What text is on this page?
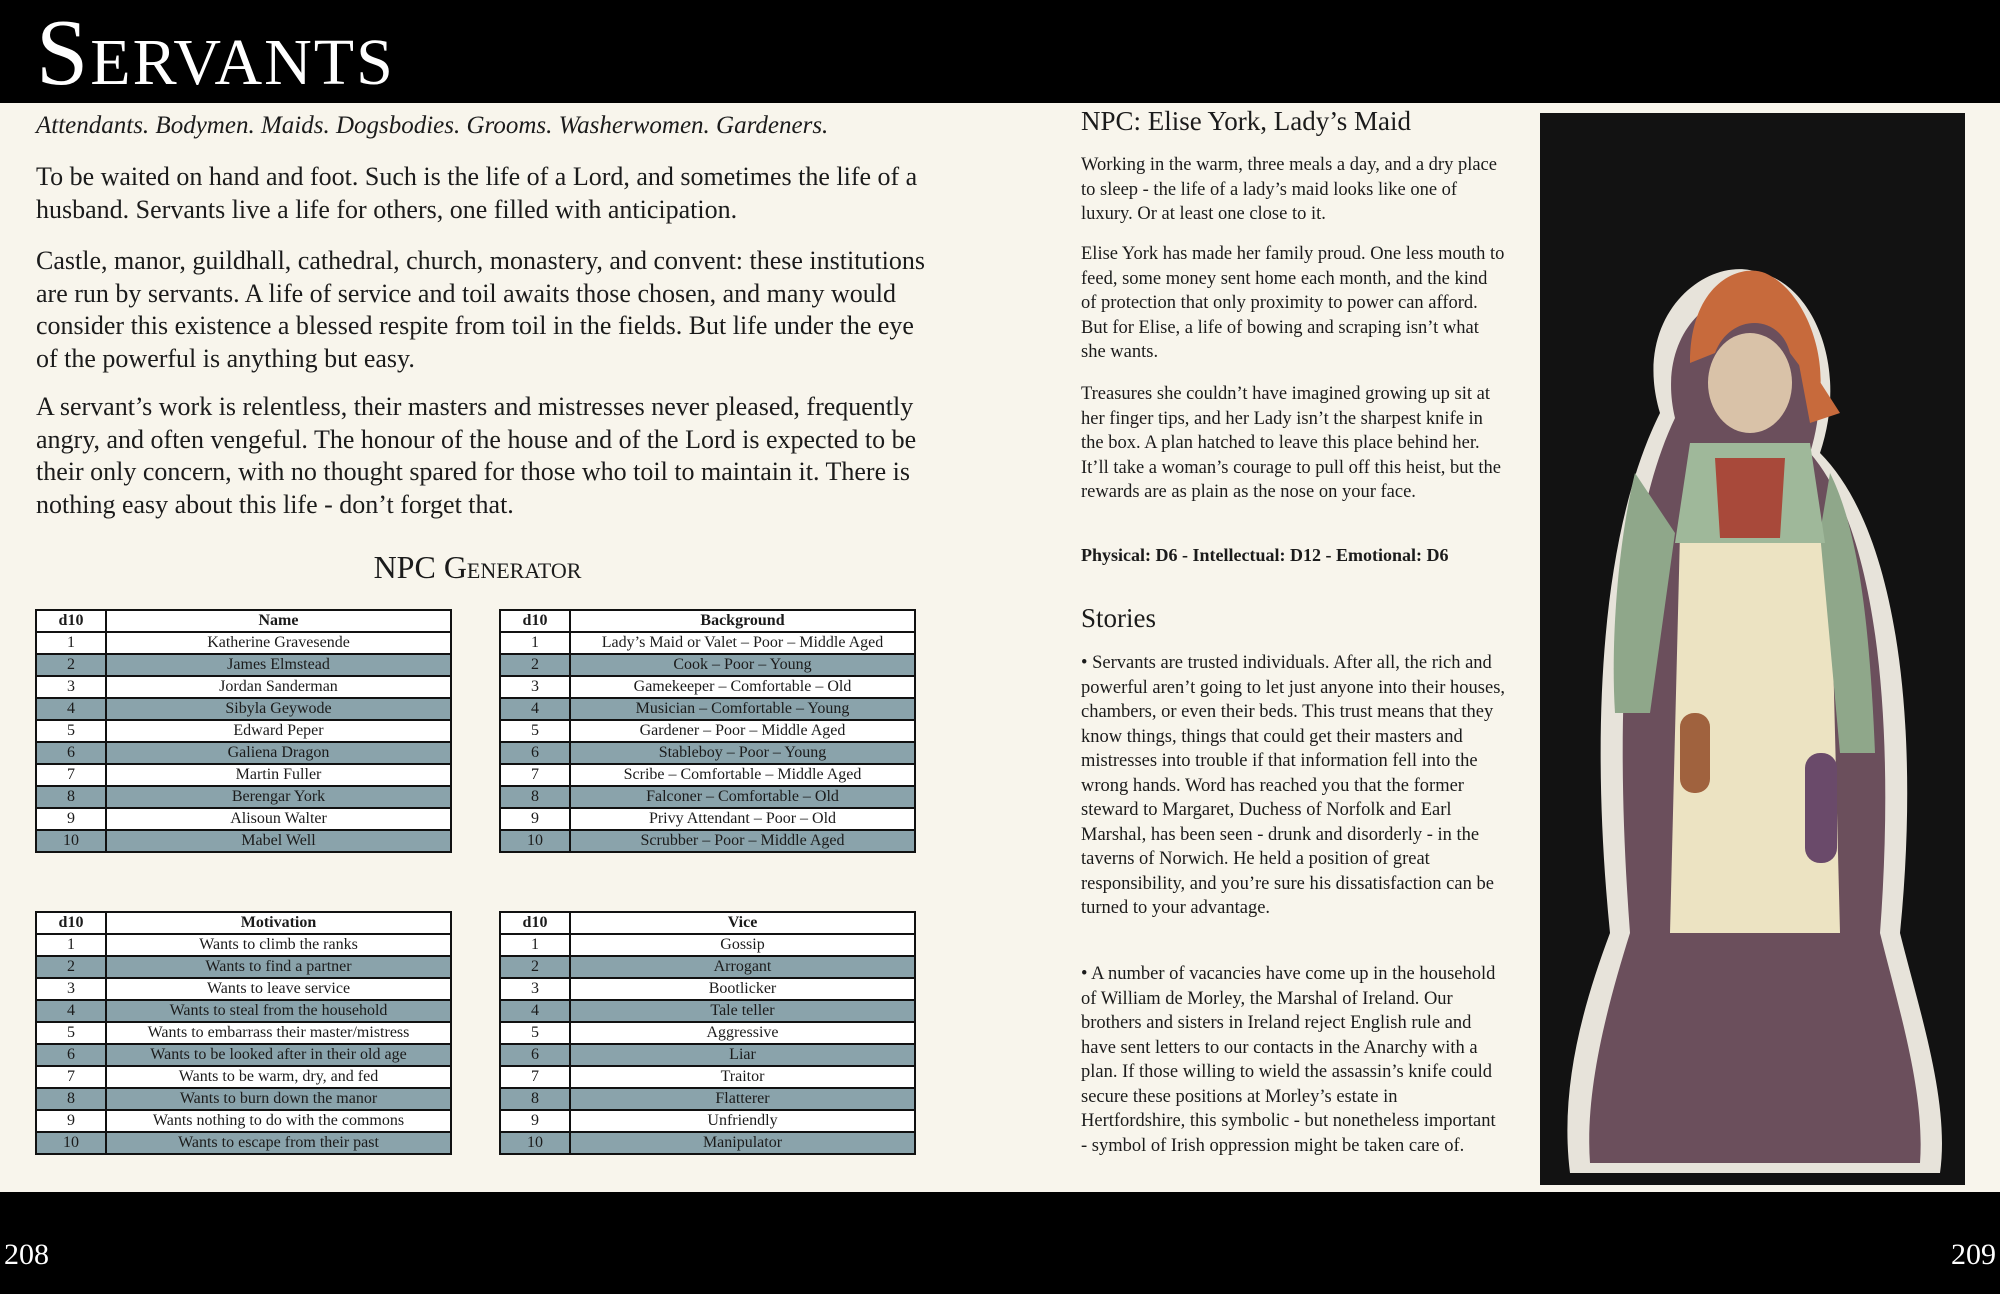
Servants
Attendants. Bodymen. Maids. Dogsbodies. Grooms. Washerwomen. Gardeners.

To be waited on hand and foot. Such is the life of a Lord, and sometimes the life of a husband. Servants live a life for others, one filled with anticipation.

Castle, manor, guildhall, cathedral, church, monastery, and convent: these institutions are run by servants. A life of service and toil awaits those chosen, and many would consider this existence a blessed respite from toil in the fields. But life under the eye of the powerful is anything but easy.

A servant’s work is relentless, their masters and mistresses never pleased, frequently angry, and often vengeful. The honour of the house and of the Lord is expected to be their only concern, with no thought spared for those who toil to maintain it. There is nothing easy about this life - don’t forget that.

NPC Generator
d10	Name
1	Katherine Gravesende
2	James Elmstead
3	Jordan Sanderman
4	Sibyla Geywode
5	Edward Peper
6	Galiena Dragon
7	Martin Fuller
8	Berengar York
9	Alisoun Walter
10	Mabel Well
d10	Background
1	Lady’s Maid or Valet – Poor – Middle Aged
2	Cook – Poor – Young
3	Gamekeeper – Comfortable – Old
4	Musician – Comfortable – Young
5	Gardener – Poor – Middle Aged
6	Stableboy – Poor – Young
7	Scribe – Comfortable – Middle Aged
8	Falconer – Comfortable – Old
9	Privy Attendant – Poor – Old
10	Scrubber – Poor – Middle Aged
d10	Motivation
1	Wants to climb the ranks
2	Wants to find a partner
3	Wants to leave service
4	Wants to steal from the household
5	Wants to embarrass their master/mistress
6	Wants to be looked after in their old age
7	Wants to be warm, dry, and fed
8	Wants to burn down the manor
9	Wants nothing to do with the commons
10	Wants to escape from their past
d10	Vice
1	Gossip
2	Arrogant
3	Bootlicker
4	Tale teller
5	Aggressive
6	Liar
7	Traitor
8	Flatterer
9	Unfriendly
10	Manipulator
NPC: Elise York, Lady’s Maid

Working in the warm, three meals a day, and a dry place to sleep - the life of a lady’s maid looks like one of luxury. Or at least one close to it.

Elise York has made her family proud. One less mouth to feed, some money sent home each month, and the kind of protection that only proximity to power can afford. But for Elise, a life of bowing and scraping isn’t what she wants.

Treasures she couldn’t have imagined growing up sit at her finger tips, and her Lady isn’t the sharpest knife in the box. A plan hatched to leave this place behind her. It’ll take a woman’s courage to pull off this heist, but the rewards are as plain as the nose on your face.

Physical: D6 - Intellectual: D12 - Emotional: D6
Stories

• Servants are trusted individuals. After all, the rich and powerful aren’t going to let just anyone into their houses, chambers, or even their beds. This trust means that they know things, things that could get their masters and mistresses into trouble if that information fell into the wrong hands. Word has reached you that the former steward to Margaret, Duchess of Norfolk and Earl Marshal, has been seen - drunk and disorderly - in the taverns of Norwich. He held a position of great responsibility, and you’re sure his dissatisfaction can be turned to your advantage.

• A number of vacancies have come up in the household of William de Morley, the Marshal of Ireland. Our brothers and sisters in Ireland reject English rule and have sent letters to our contacts in the Anarchy with a plan. If those willing to wield the assassin’s knife could secure these positions at Morley’s estate in Hertfordshire, this symbolic - but nonetheless important - symbol of Irish oppression might be taken care of.

208	209
